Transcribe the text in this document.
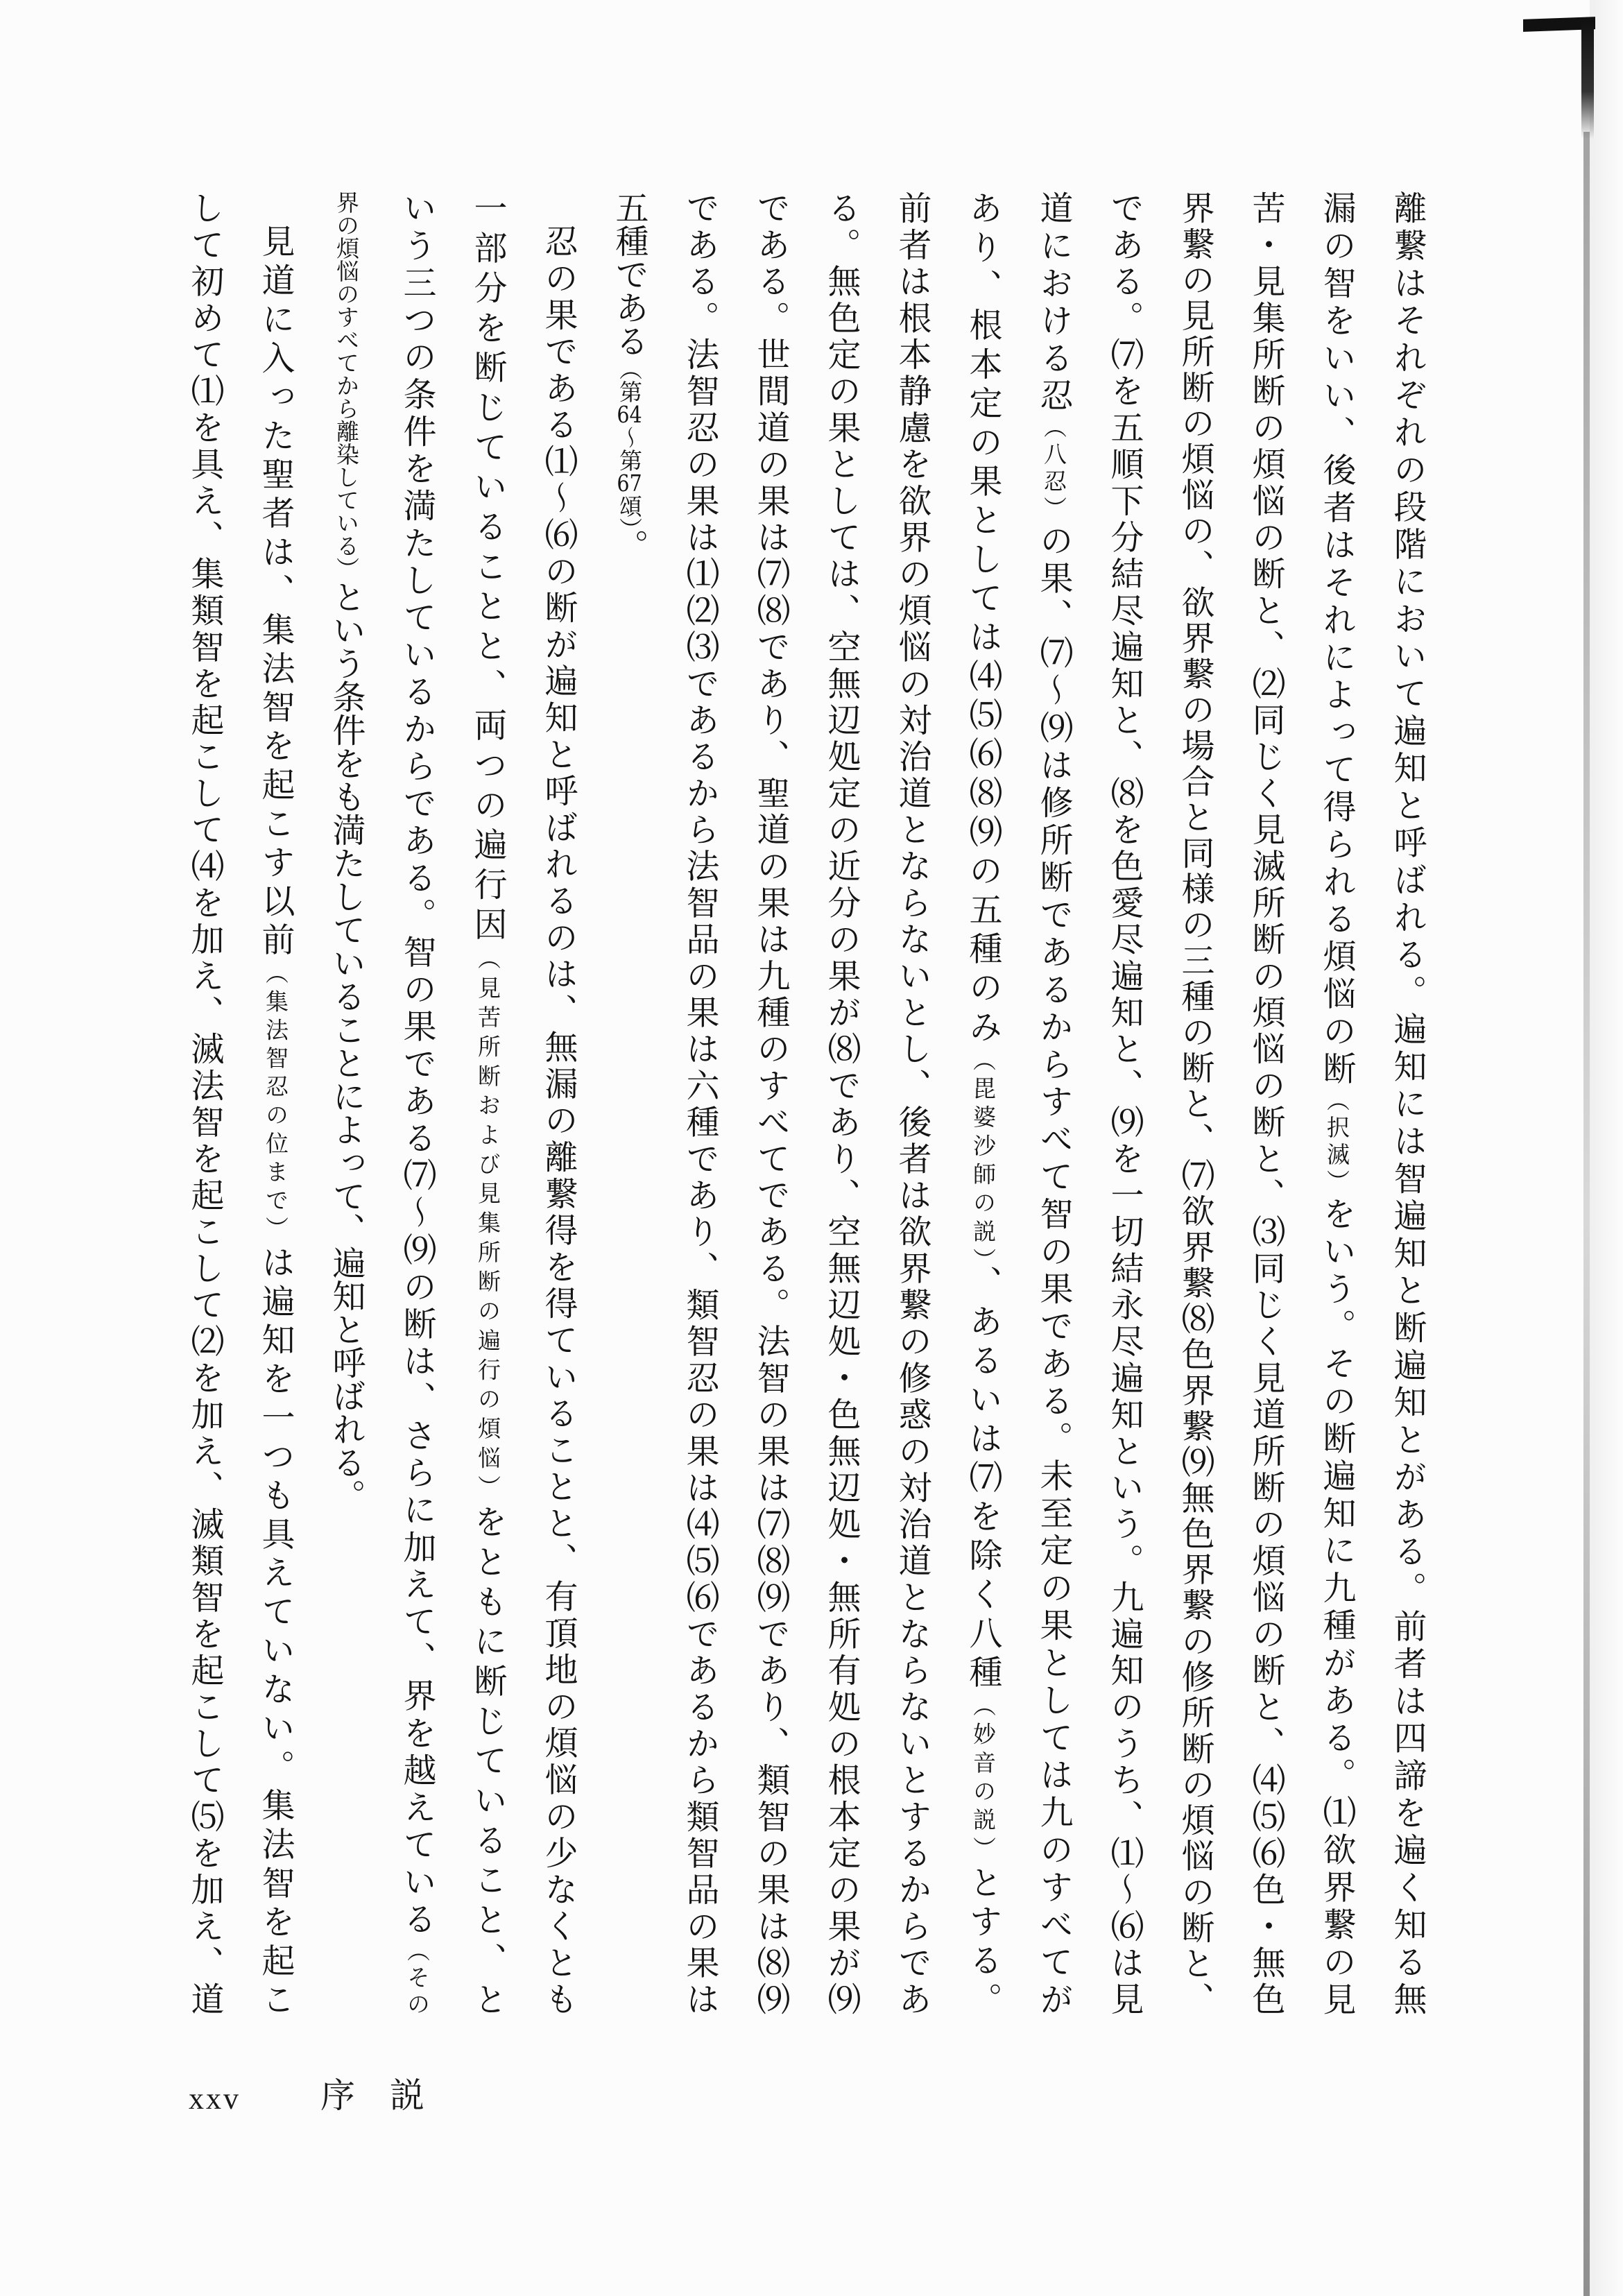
離繋はそれぞれの段階において遍知と呼ばれる。遍知には智遍知と断遍知とがある。前者は四諦を遍く知る無
漏の智をいい、後者はそれによって得られる煩悩の断（択滅）をいう。その断遍知に九種がある。⑴欲界繋の見
苦・見集所断の煩悩の断と、⑵同じく見滅所断の煩悩の断と、⑶同じく見道所断の煩悩の断と、⑷⑸⑹色・無色
界繋の見所断の煩悩の、欲界繋の場合と同様の三種の断と、⑺欲界繋⑻色界繋⑼無色界繋の修所断の煩悩の断と、
である。⑺を五順下分結尽遍知と、⑻を色愛尽遍知と、⑼を一切結永尽遍知という。九遍知のうち、⑴～⑹は見
道における忍（八忍）の果、⑺～⑼は修所断であるからすべて智の果である。未至定の果としては九のすべてが
あり、根本定の果としては⑷⑸⑹⑻⑼の五種のみ（毘婆沙師の説）、あるいは⑺を除く八種（妙音の説）とする。
前者は根本静慮を欲界の煩悩の対治道とならないとし、後者は欲界繋の修惑の対治道とならないとするからであ
る。無色定の果としては、空無辺処定の近分の果が⑻であり、空無辺処・色無辺処・無所有処の根本定の果が⑼
である。世間道の果は⑺⑻であり、聖道の果は九種のすべてである。法智の果は⑺⑻⑼であり、類智の果は⑻⑼
である。法智忍の果は⑴⑵⑶であるから法智品の果は六種であり、類智忍の果は⑷⑸⑹であるから類智品の果は
五種である（第64～第67頌）。
忍の果である⑴～⑹の断が遍知と呼ばれるのは、無漏の離繋得を得ていることと、有頂地の煩悩の少なくとも
一部分を断じていることと、両つの遍行因（見苦所断および見集所断の遍行の煩悩）をともに断じていること、と
いう三つの条件を満たしているからである。智の果である⑺～⑼の断は、さらに加えて、界を越えている（その
界の煩悩のすべてから離染している）という条件をも満たしていることによって、遍知と呼ばれる。
見道に入った聖者は、集法智を起こす以前（集法智忍の位まで）は遍知を一つも具えていない。集法智を起こ
して初めて⑴を具え、集類智を起こして⑷を加え、滅法智を起こして⑵を加え、滅類智を起こして⑸を加え、道
xxv 序 説
